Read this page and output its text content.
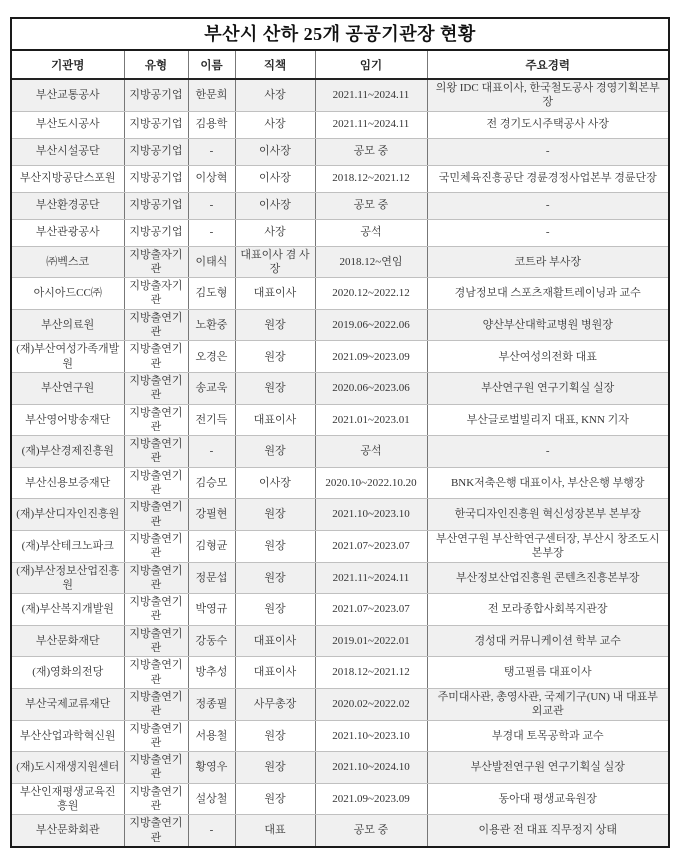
부산시 산하 25개 공공기관장 현황
기관명	유형	이름	직책	임기	주요경력
부산교통공사	지방공기업	한문희	사장	2021.11~2024.11	의왕 IDC 대표이사, 한국철도공사 경영기획본부장
부산도시공사	지방공기업	김용학	사장	2021.11~2024.11	전 경기도시주택공사 사장
부산시설공단	지방공기업	-	이사장	공모 중	-
부산지방공단스포원	지방공기업	이상혁	이사장	2018.12~2021.12	국민체육진흥공단 경륜경정사업본부 경륜단장
부산환경공단	지방공기업	-	이사장	공모 중	-
부산관광공사	지방공기업	-	사장	공석	-
㈜벡스코	지방출자기관	이태식	대표이사 겸 사장	2018.12~연임	코트라 부사장
아시아드CC㈜	지방출자기관	김도형	대표이사	2020.12~2022.12	경남정보대 스포츠재활트레이닝과 교수
부산의료원	지방출연기관	노환중	원장	2019.06~2022.06	양산부산대학교병원 병원장
(재)부산여성가족개발원	지방출연기관	오경은	원장	2021.09~2023.09	부산여성의전화 대표
부산연구원	지방출연기관	송교욱	원장	2020.06~2023.06	부산연구원 연구기획실 실장
부산영어방송재단	지방출연기관	전기득	대표이사	2021.01~2023.01	부산글로벌빌리지 대표, KNN 기자
(재)부산경제진흥원	지방출연기관	-	원장	공석	-
부산신용보증재단	지방출연기관	김승모	이사장	2020.10~2022.10.20	BNK저축은행 대표이사, 부산은행 부행장
(재)부산디자인진흥원	지방출연기관	강필현	원장	2021.10~2023.10	한국디자인진흥원 혁신성장본부 본부장
(재)부산테크노파크	지방출연기관	김형균	원장	2021.07~2023.07	부산연구원 부산학연구센터장, 부산시 창조도시본부장
(재)부산정보산업진흥원	지방출연기관	정문섭	원장	2021.11~2024.11	부산정보산업진흥원 콘텐츠진흥본부장
(재)부산복지개발원	지방출연기관	박영규	원장	2021.07~2023.07	전 모라종합사회복지관장
부산문화재단	지방출연기관	강동수	대표이사	2019.01~2022.01	경성대 커뮤니케이션 학부 교수
(재)영화의전당	지방출연기관	방추성	대표이사	2018.12~2021.12	탱고필름 대표이사
부산국제교류재단	지방출연기관	정종필	사무총장	2020.02~2022.02	주미대사관, 총영사관, 국제기구(UN) 내 대표부 외교관
부산산업과학혁신원	지방출연기관	서용철	원장	2021.10~2023.10	부경대 토목공학과 교수
(재)도시재생지원센터	지방출연기관	황영우	원장	2021.10~2024.10	부산발전연구원 연구기획실 실장
부산인재평생교육진흥원	지방출연기관	설상철	원장	2021.09~2023.09	동아대 평생교육원장
부산문화회관	지방출연기관	-	대표	공모 중	이용관 전 대표 직무정지 상태
